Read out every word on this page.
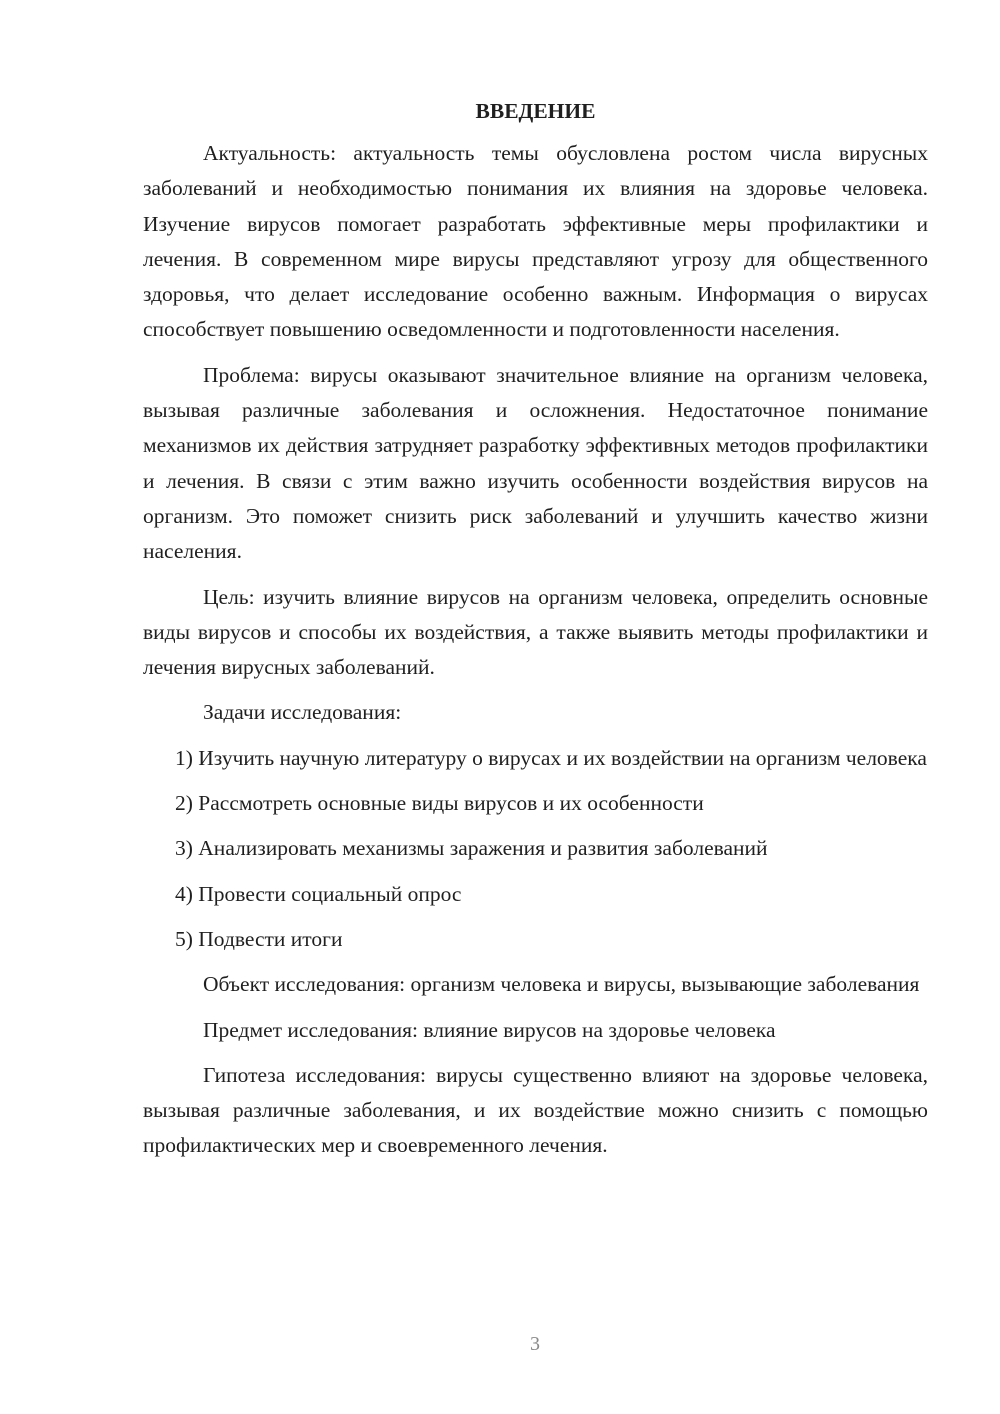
ВВЕДЕНИЕ

Актуальность: актуальность темы обусловлена ростом числа вирусных заболеваний и необходимостью понимания их влияния на здоровье человека. Изучение вирусов помогает разработать эффективные меры профилактики и лечения. В современном мире вирусы представляют угрозу для общественного здоровья, что делает исследование особенно важным. Информация о вирусах способствует повышению осведомленности и подготовленности населения.

Проблема: вирусы оказывают значительное влияние на организм человека, вызывая различные заболевания и осложнения. Недостаточное понимание механизмов их действия затрудняет разработку эффективных методов профилактики и лечения. В связи с этим важно изучить особенности воздействия вирусов на организм. Это поможет снизить риск заболеваний и улучшить качество жизни населения.

Цель: изучить влияние вирусов на организм человека, определить основные виды вирусов и способы их воздействия, а также выявить методы профилактики и лечения вирусных заболеваний.

Задачи исследования:

1) Изучить научную литературу о вирусах и их воздействии на организм человека
2) Рассмотреть основные виды вирусов и их особенности
3) Анализировать механизмы заражения и развития заболеваний
4) Провести социальный опрос
5) Подвести итоги

Объект исследования: организм человека и вирусы, вызывающие заболевания

Предмет исследования: влияние вирусов на здоровье человека

Гипотеза исследования: вирусы существенно влияют на здоровье человека, вызывая различные заболевания, и их воздействие можно снизить с помощью профилактических мер и своевременного лечения.

3
